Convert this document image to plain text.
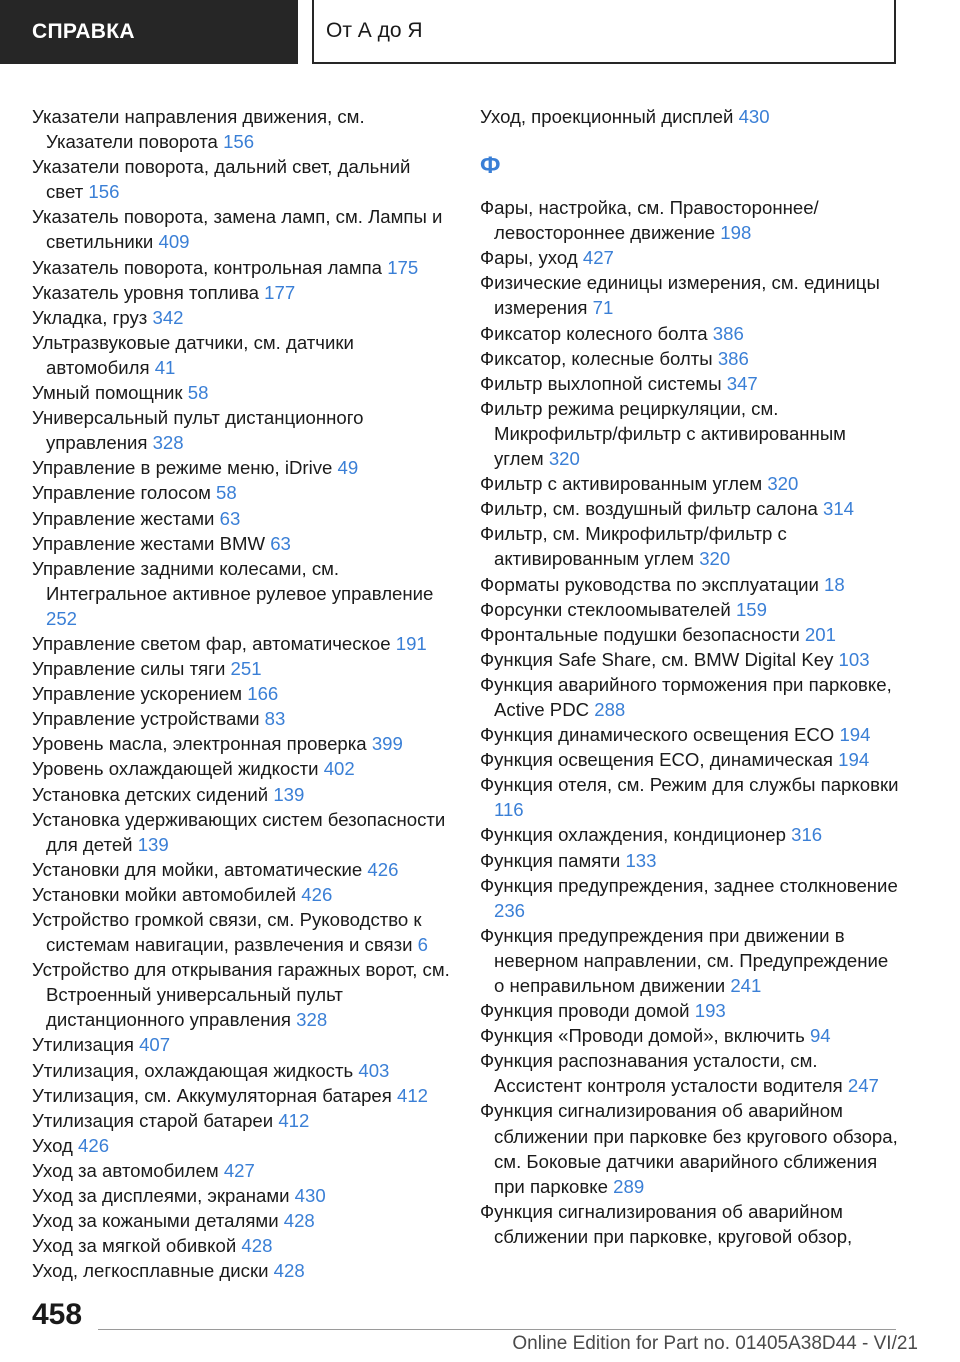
СПРАВКА	От А до Я
Указатели направления движения, см. Указатели поворота 156
Указатели поворота, дальний свет, дальний свет 156
Указатель поворота, замена ламп, см. Лампы и светильники 409
Указатель поворота, контрольная лампа 175
Указатель уровня топлива 177
Укладка, груз 342
Ультразвуковые датчики, см. датчики автомобиля 41
Умный помощник 58
Универсальный пульт дистанционного управления 328
Управление в режиме меню, iDrive 49
Управление голосом 58
Управление жестами 63
Управление жестами BMW 63
Управление задними колесами, см. Интегральное активное рулевое управление 252
Управление светом фар, автоматическое 191
Управление силы тяги 251
Управление ускорением 166
Управление устройствами 83
Уровень масла, электронная проверка 399
Уровень охлаждающей жидкости 402
Установка детских сидений 139
Установка удерживающих систем безопасности для детей 139
Установки для мойки, автоматические 426
Установки мойки автомобилей 426
Устройство громкой связи, см. Руководство к системам навигации, развлечения и связи 6
Устройство для открывания гаражных ворот, см. Встроенный универсальный пульт дистанционного управления 328
Утилизация 407
Утилизация, охлаждающая жидкость 403
Утилизация, см. Аккумуляторная батарея 412
Утилизация старой батареи 412
Уход 426
Уход за автомобилем 427
Уход за дисплеями, экранами 430
Уход за кожаными деталями 428
Уход за мягкой обивкой 428
Уход, легкосплавные диски 428
Уход, проекционный дисплей 430
Ф
Фары, настройка, см. Правостороннее/левостороннее движение 198
Фары, уход 427
Физические единицы измерения, см. единицы измерения 71
Фиксатор колесного болта 386
Фиксатор, колесные болты 386
Фильтр выхлопной системы 347
Фильтр режима рециркуляции, см. Микрофильтр/фильтр с активированным углем 320
Фильтр с активированным углем 320
Фильтр, см. воздушный фильтр салона 314
Фильтр, см. Микрофильтр/фильтр с активированным углем 320
Форматы руководства по эксплуатации 18
Форсунки стеклоомывателей 159
Фронтальные подушки безопасности 201
Функция Safe Share, см. BMW Digital Key 103
Функция аварийного торможения при парковке, Active PDC 288
Функция динамического освещения ECO 194
Функция освещения ECO, динамическая 194
Функция отеля, см. Режим для службы парковки 116
Функция охлаждения, кондиционер 316
Функция памяти 133
Функция предупреждения, заднее столкновение 236
Функция предупреждения при движении в неверном направлении, см. Предупреждение о неправильном движении 241
Функция проводи домой 193
Функция «Проводи домой», включить 94
Функция распознавания усталости, см. Ассистент контроля усталости водителя 247
Функция сигнализирования об аварийном сближении при парковке без кругового обзора, см. Боковые датчики аварийного сближения при парковке 289
Функция сигнализирования об аварийном сближении при парковке, круговой обзор,
458
Online Edition for Part no. 01405A38D44 - VI/21
